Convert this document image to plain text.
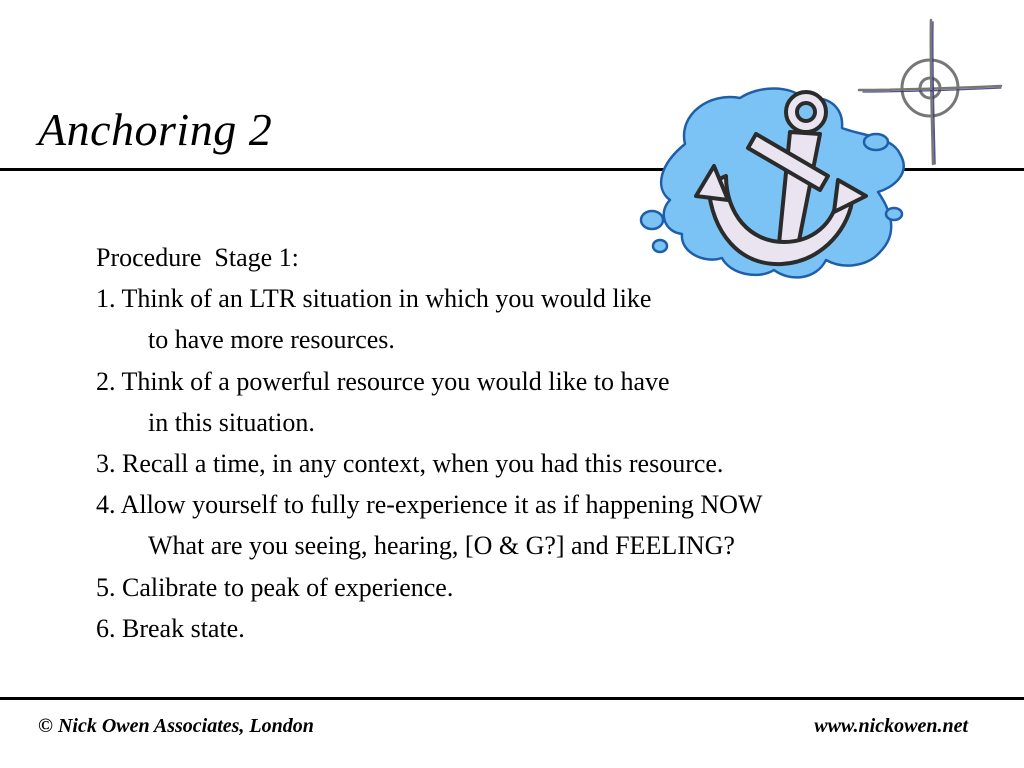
Anchoring 2
Procedure  Stage 1:
1. Think of an LTR situation in which you would like
to have more resources.
2. Think of a powerful resource you would like to have
in this situation.
3. Recall a time, in any context, when you had this resource.
4. Allow yourself to fully re-experience it as if happening NOW
What are you seeing, hearing, [O & G?] and FEELING?
5. Calibrate to peak of experience.
6. Break state.
© Nick Owen Associates, London	www.nickowen.net
